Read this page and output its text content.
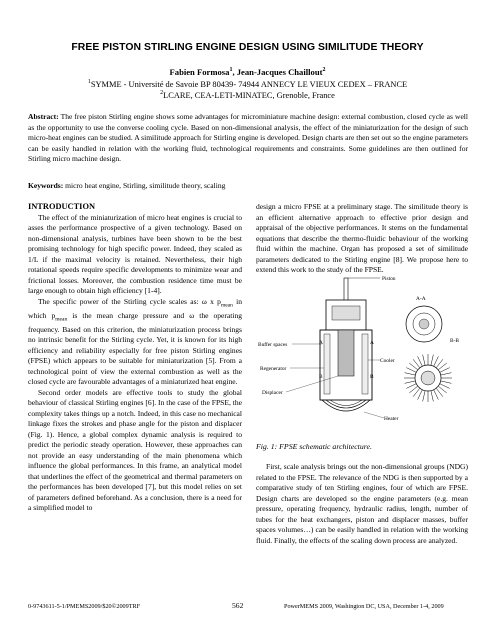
FREE PISTON STIRLING ENGINE DESIGN USING SIMILITUDE THEORY
Fabien Formosa$^1$, Jean-Jacques Chaillout$^2$
$^1$SYMME - Université de Savoie BP 80439- 74944 ANNECY LE VIEUX CEDEX – FRANCE
$^2$LCARE, CEA-LETI-MINATEC, Grenoble, France
Abstract: The free piston Stirling engine shows some advantages for microminiature machine design: external combustion, closed cycle as well as the opportunity to use the converse cooling cycle. Based on non-dimensional analysis, the effect of the miniaturization for the design of such micro-heat engines can be studied. A similitude approach for Stirling engine is developed. Design charts are then set out so the engine parameters can be easily handled in relation with the working fluid, technological requirements and constraints. Some guidelines are then outlined for Stirling micro machine design.
Keywords: micro heat engine, Stirling, similitude theory, scaling

INTRODUCTION

The effect of the miniaturization of micro heat engines is crucial to asses the performance prospective of a given technology. Based on non-dimensional analysis, turbines have been shown to be the best promising technology for high specific power. Indeed, they scaled as 1/L if the maximal velocity is retained. Nevertheless, their high rotational speeds require specific developments to minimize wear and frictional losses. Moreover, the combustion residence time must be large enough to obtain high efficiency [1-4].

The specific power of the Stirling cycle scales as: ω x $p_{mean}$ in which $p_{mean}$ is the mean charge pressure and ω the operating frequency. Based on this criterion, the miniaturization process brings no intrinsic benefit for the Stirling cycle. Yet, it is known for its high efficiency and reliability especially for free piston Stirling engines (FPSE) which appears to be suitable for miniaturization [5]. From a technological point of view the external combustion as well as the closed cycle are favourable advantages of a miniaturized heat engine.

Second order models are effective tools to study the global behaviour of classical Stirling engines [6]. In the case of the FPSE, the complexity takes things up a notch. Indeed, in this case no mechanical linkage fixes the strokes and phase angle for the piston and displacer (Fig. 1). Hence, a global complex dynamic analysis is required to predict the periodic steady operation. However, these approaches can not provide an easy understanding of the main phenomena which influence the global performances. In this frame, an analytical model that underlines the effect of the geometrical and thermal parameters on the performances has been developed [7], but this model relies on set of parameters defined beforehand. As a conclusion, there is a need for a simplified model to

design a micro FPSE at a preliminary stage. The similitude theory is an efficient alternative approach to effective prior design and appraisal of the objective performances. It stems on the fundamental equations that describe the thermo-fluidic behaviour of the working fluid within the machine. Organ has proposed a set of similitude parameters dedicated to the Stirling engine [8]. We propose here to extend this work to the study of the FPSE.

A	A
B	B
Buffer spaces
Regenerator
Displacer
Piston
Cooler
Heater
A-A
B-B
Fig. 1: FPSE schematic architecture.

First, scale analysis brings out the non-dimensional groups (NDG) related to the FPSE. The relevance of the NDG is then supported by a comparative study of ten Stirling engines, four of which are FPSE. Design charts are developed so the engine parameters (e.g. mean pressure, operating frequency, hydraulic radius, length, number of tubes for the heat exchangers, piston and displacer masses, buffer spaces volumes…) can be easily handled in relation with the working fluid. Finally, the effects of the scaling down process are analyzed.

0-9743611-5-1/PMEMS2009/$20©2009TRF	562	PowerMEMS 2009, Washington DC, USA, December 1-4, 2009
